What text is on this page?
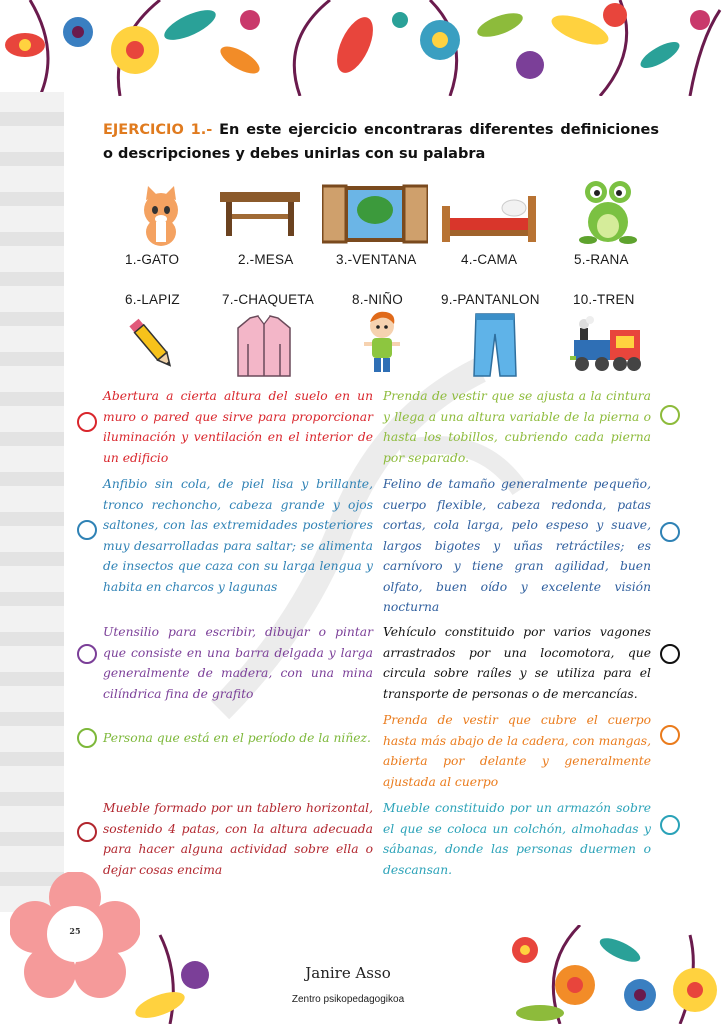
EJERCICIO 1.- En este ejercicio encontraras diferentes definiciones o descripciones y debes unirlas con su palabra
1.-GATO	2.-MESA	3.-VENTANA	4.-CAMA	5.-RANA
6.-LAPIZ	7.-CHAQUETA	8.-NIÑO	9.-PANTANLON 10.-TREN

Abertura a cierta altura del suelo en un muro o pared que sirve para proporcionar iluminación y ventilación en el interior de un edificio

Anfibio sin cola, de piel lisa y brillante, tronco rechoncho, cabeza grande y ojos saltones, con las extremidades posteriores muy desarrolladas para saltar; se alimenta de insectos que caza con su larga lengua y habita en charcos y lagunas

Utensilio para escribir, dibujar o pintar que consiste en una barra delgada y larga generalmente de madera, con una mina cilíndrica fina de grafito

Persona que está en el período de la niñez.

Mueble formado por un tablero horizontal, sostenido 4 patas, con la altura adecuada para hacer alguna actividad sobre ella o dejar cosas encima

Prenda de vestir que se ajusta a la cintura y llega a una altura variable de la pierna o hasta los tobillos, cubriendo cada pierna por separado.

Felino de tamaño generalmente pequeño, cuerpo flexible, cabeza redonda, patas cortas, cola larga, pelo espeso y suave, largos bigotes y uñas retráctiles; es carnívoro y tiene gran agilidad, buen olfato, buen oído y excelente visión nocturna

Vehículo constituido por varios vagones arrastrados por una locomotora, que circula sobre raíles y se utiliza para el transporte de personas o de mercancías.

Prenda de vestir que cubre el cuerpo hasta más abajo de la cadera, con mangas, abierta por delante y generalmente ajustada al cuerpo

Mueble constituido por un armazón sobre el que se coloca un colchón, almohadas y sábanas, donde las personas duermen o descansan.

25
Janire Asso
Zentro psikopedagogikoa
